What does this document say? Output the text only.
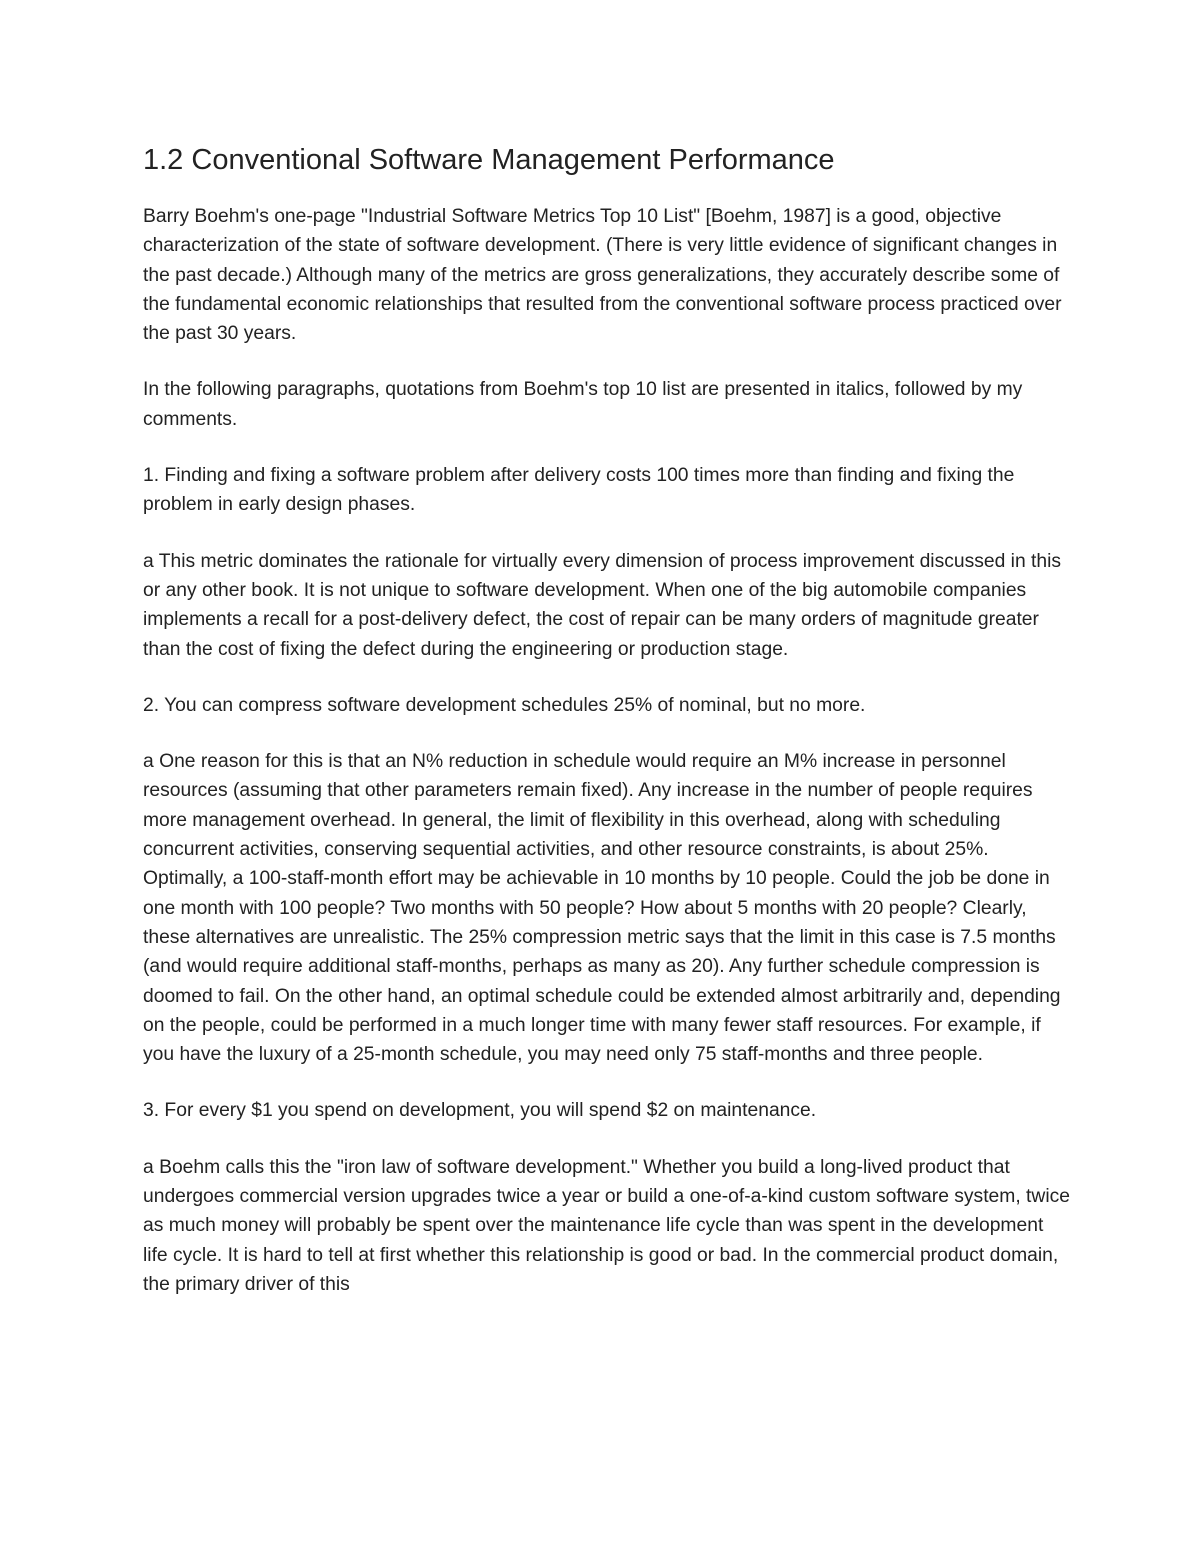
1.2 Conventional Software Management Performance

Barry Boehm's one-page "Industrial Software Metrics Top 10 List" [Boehm, 1987] is a good, objective characterization of the state of software development. (There is very little evidence of significant changes in the past decade.) Although many of the metrics are gross generalizations, they accurately describe some of the fundamental economic relationships that resulted from the conventional software process practiced over the past 30 years.

In the following paragraphs, quotations from Boehm's top 10 list are presented in italics, followed by my comments.

1. Finding and fixing a software problem after delivery costs 100 times more than finding and fixing the problem in early design phases.

a This metric dominates the rationale for virtually every dimension of process improvement discussed in this or any other book. It is not unique to software development. When one of the big automobile companies implements a recall for a post-delivery defect, the cost of repair can be many orders of magnitude greater than the cost of fixing the defect during the engineering or production stage.

2. You can compress software development schedules 25% of nominal, but no more.

a One reason for this is that an N% reduction in schedule would require an M% increase in personnel resources (assuming that other parameters remain fixed). Any increase in the number of people requires more management overhead. In general, the limit of flexibility in this overhead, along with scheduling concurrent activities, conserving sequential activities, and other resource constraints, is about 25%. Optimally, a 100-staff-month effort may be achievable in 10 months by 10 people. Could the job be done in one month with 100 people? Two months with 50 people? How about 5 months with 20 people? Clearly, these alternatives are unrealistic. The 25% compression metric says that the limit in this case is 7.5 months (and would require additional staff-months, perhaps as many as 20). Any further schedule compression is doomed to fail. On the other hand, an optimal schedule could be extended almost arbitrarily and, depending on the people, could be performed in a much longer time with many fewer staff resources. For example, if you have the luxury of a 25-month schedule, you may need only 75 staff-months and three people.

3. For every $1 you spend on development, you will spend $2 on maintenance.

a Boehm calls this the "iron law of software development." Whether you build a long-lived product that undergoes commercial version upgrades twice a year or build a one-of-a-kind custom software system, twice as much money will probably be spent over the maintenance life cycle than was spent in the development life cycle. It is hard to tell at first whether this relationship is good or bad. In the commercial product domain, the primary driver of this
